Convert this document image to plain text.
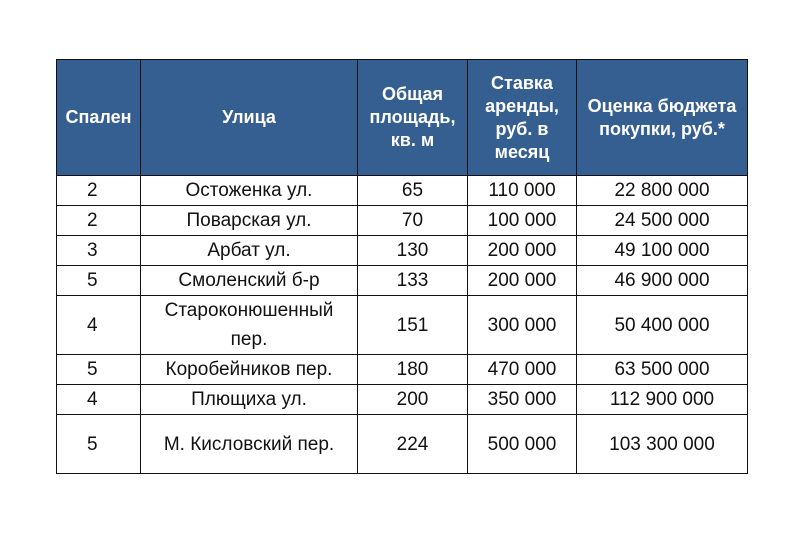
Спален	Улица	Общая площадь, кв. м	Ставка аренды, руб. в месяц	Оценка бюджета покупки, руб.*
2	Остоженка ул.	65	110 000	22 800 000
2	Поварская ул.	70	100 000	24 500 000
3	Арбат ул.	130	200 000	49 100 000
5	Смоленский б-р	133	200 000	46 900 000
4	Староконюшенный пер.	151	300 000	50 400 000
5	Коробейников пер.	180	470 000	63 500 000
4	Плющиха ул.	200	350 000	112 900 000
5	М. Кисловский пер.	224	500 000	103 300 000
